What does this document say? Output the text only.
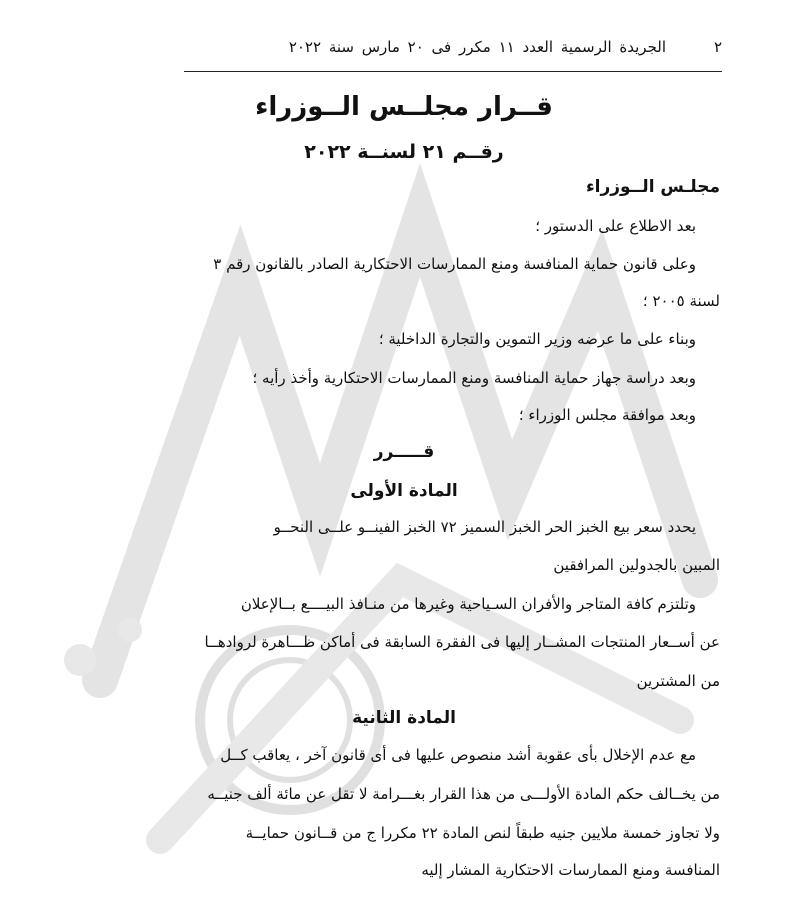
٢
الجريدة الرسمية العدد ١١ مكرر فى ٢٠ مارس سنة ٢٠٢٢
قــرار مجلــس الــوزراء
رقــم ٢١ لسنــة ٢٠٢٢
مجلـس الــوزراء
بعد الاطلاع على الدستور ؛
وعلى قانون حماية المنافسة ومنع الممارسات الاحتكارية الصادر بالقانون رقم ٣
لسنة ٢٠٠٥ ؛
وبناء على ما عرضه وزير التموين والتجارة الداخلية ؛
وبعد دراسة جهاز حماية المنافسة ومنع الممارسات الاحتكارية وأخذ رأيه ؛
وبعد موافقة مجلس الوزراء ؛
قـــــرر
المادة الأولى
يحدد سعر بيع الخبز الحر الخبز السميز ٧٢ الخبز الفينــو علــى النحــو
المبين بالجدولين المرافقين
وتلتزم كافة المتاجر والأفران السـياحية وغيرها من منـافذ البيــــع بــالإعلان
عن أســعار المنتجات المشــار إليها فى الفقرة السابقة فى أماكن ظـــاهرة لروادهــا
من المشترين
المادة الثانية
مع عدم الإخلال بأى عقوبة أشد منصوص عليها فى أى قانون آخر ، يعاقب كــل
من يخــالف حكم المادة الأولـــى من هذا القرار بغـــرامة لا تقل عن مائة ألف جنيــه
ولا تجاوز خمسة ملايين جنيه طبقاً لنص المادة ٢٢ مكررا ج من قــانون حمايــة
المنافسة ومنع الممارسات الاحتكارية المشار إليه
